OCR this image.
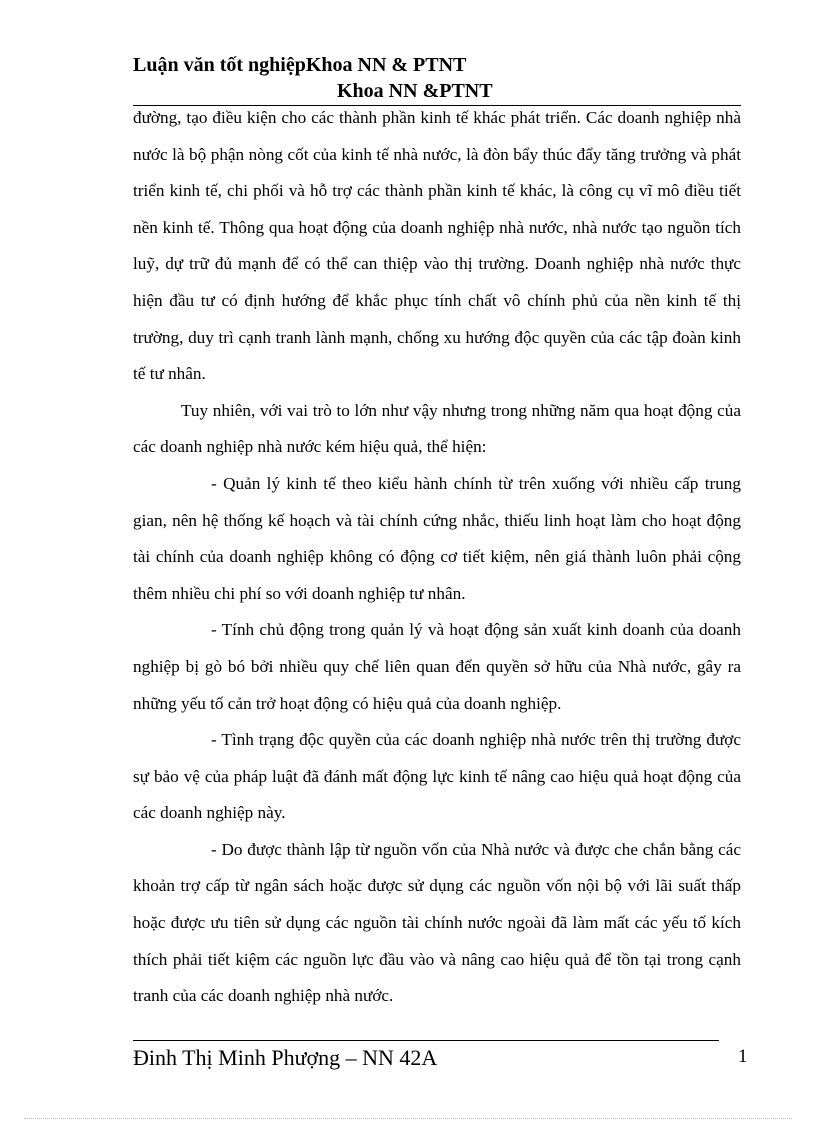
Luận văn tốt nghiệpKhoa NN & PTNT
Khoa NN &PTNT

đường, tạo điều kiện cho các thành phần kinh tế khác phát triển. Các doanh nghiệp nhà nước là bộ phận nòng cốt của kinh tế nhà nước, là đòn bẩy thúc đẩy tăng trưởng và phát triển kinh tế, chi phối và hỗ trợ các thành phần kinh tế khác, là công cụ vĩ mô điều tiết nền kinh tế. Thông qua hoạt động của doanh nghiệp nhà nước, nhà nước tạo nguồn tích luỹ, dự trữ đủ mạnh để có thể can thiệp vào thị trường. Doanh nghiệp nhà nước thực hiện đầu tư có định hướng để khắc phục tính chất vô chính phủ của nền kinh tế thị trường, duy trì cạnh tranh lành mạnh, chống xu hướng độc quyền của các tập đoàn kinh tế tư nhân.

Tuy nhiên, với vai trò to lớn như vậy nhưng trong những năm qua hoạt động của các doanh nghiệp nhà nước kém hiệu quả, thể hiện:

- Quản lý kinh tế theo kiểu hành chính từ trên xuống với nhiều cấp trung gian, nên hệ thống kế hoạch và tài chính cứng nhắc, thiếu linh hoạt làm cho hoạt động tài chính của doanh nghiệp không có động cơ tiết kiệm, nên giá thành luôn phải cộng thêm nhiều chi phí so với doanh nghiệp tư nhân.

- Tính chủ động trong quản lý và hoạt động sản xuất kinh doanh của doanh nghiệp bị gò bó bởi nhiều quy chế liên quan đến quyền sở hữu của Nhà nước, gây ra những yếu tố cản trở hoạt động có hiệu quả của doanh nghiệp.

- Tình trạng độc quyền của các doanh nghiệp nhà nước trên thị trường được sự bảo vệ của pháp luật đã đánh mất động lực kinh tế nâng cao hiệu quả hoạt động của các doanh nghiệp này.

- Do được thành lập từ nguồn vốn của Nhà nước và được che chắn bằng các khoản trợ cấp từ ngân sách hoặc được sử dụng các nguồn vốn nội bộ với lãi suất thấp hoặc được ưu tiên sử dụng các nguồn tài chính nước ngoài đã làm mất các yếu tố kích thích phải tiết kiệm các nguồn lực đầu vào và nâng cao hiệu quả để tồn tại trong cạnh tranh của các doanh nghiệp nhà nước.

Đinh Thị Minh Phượng – NN 42A	1
